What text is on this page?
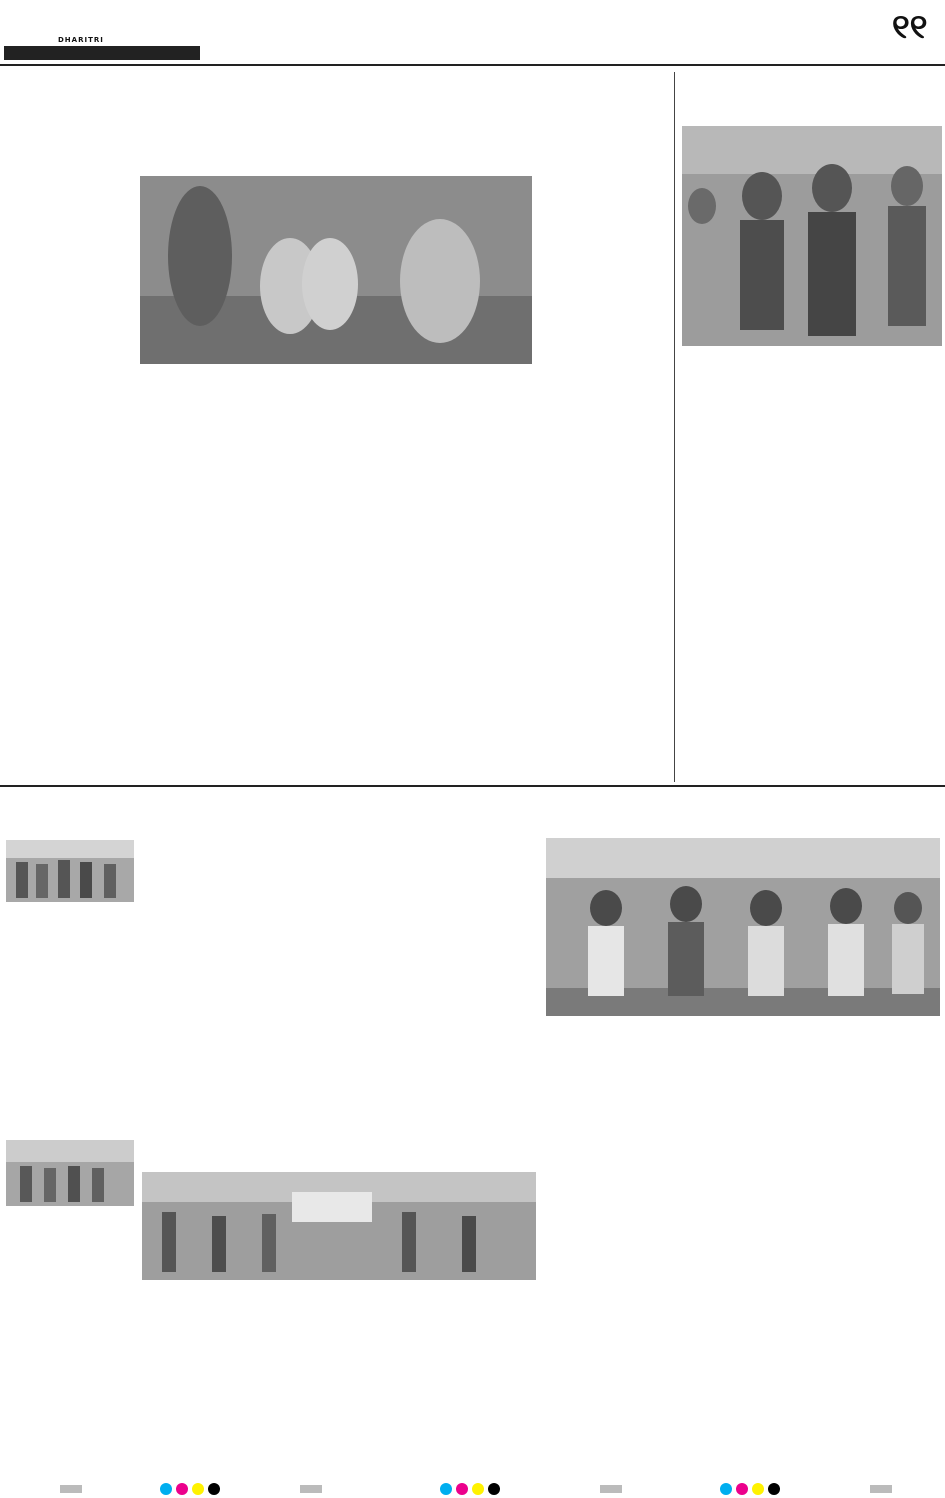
DHARITRI	୧୧
